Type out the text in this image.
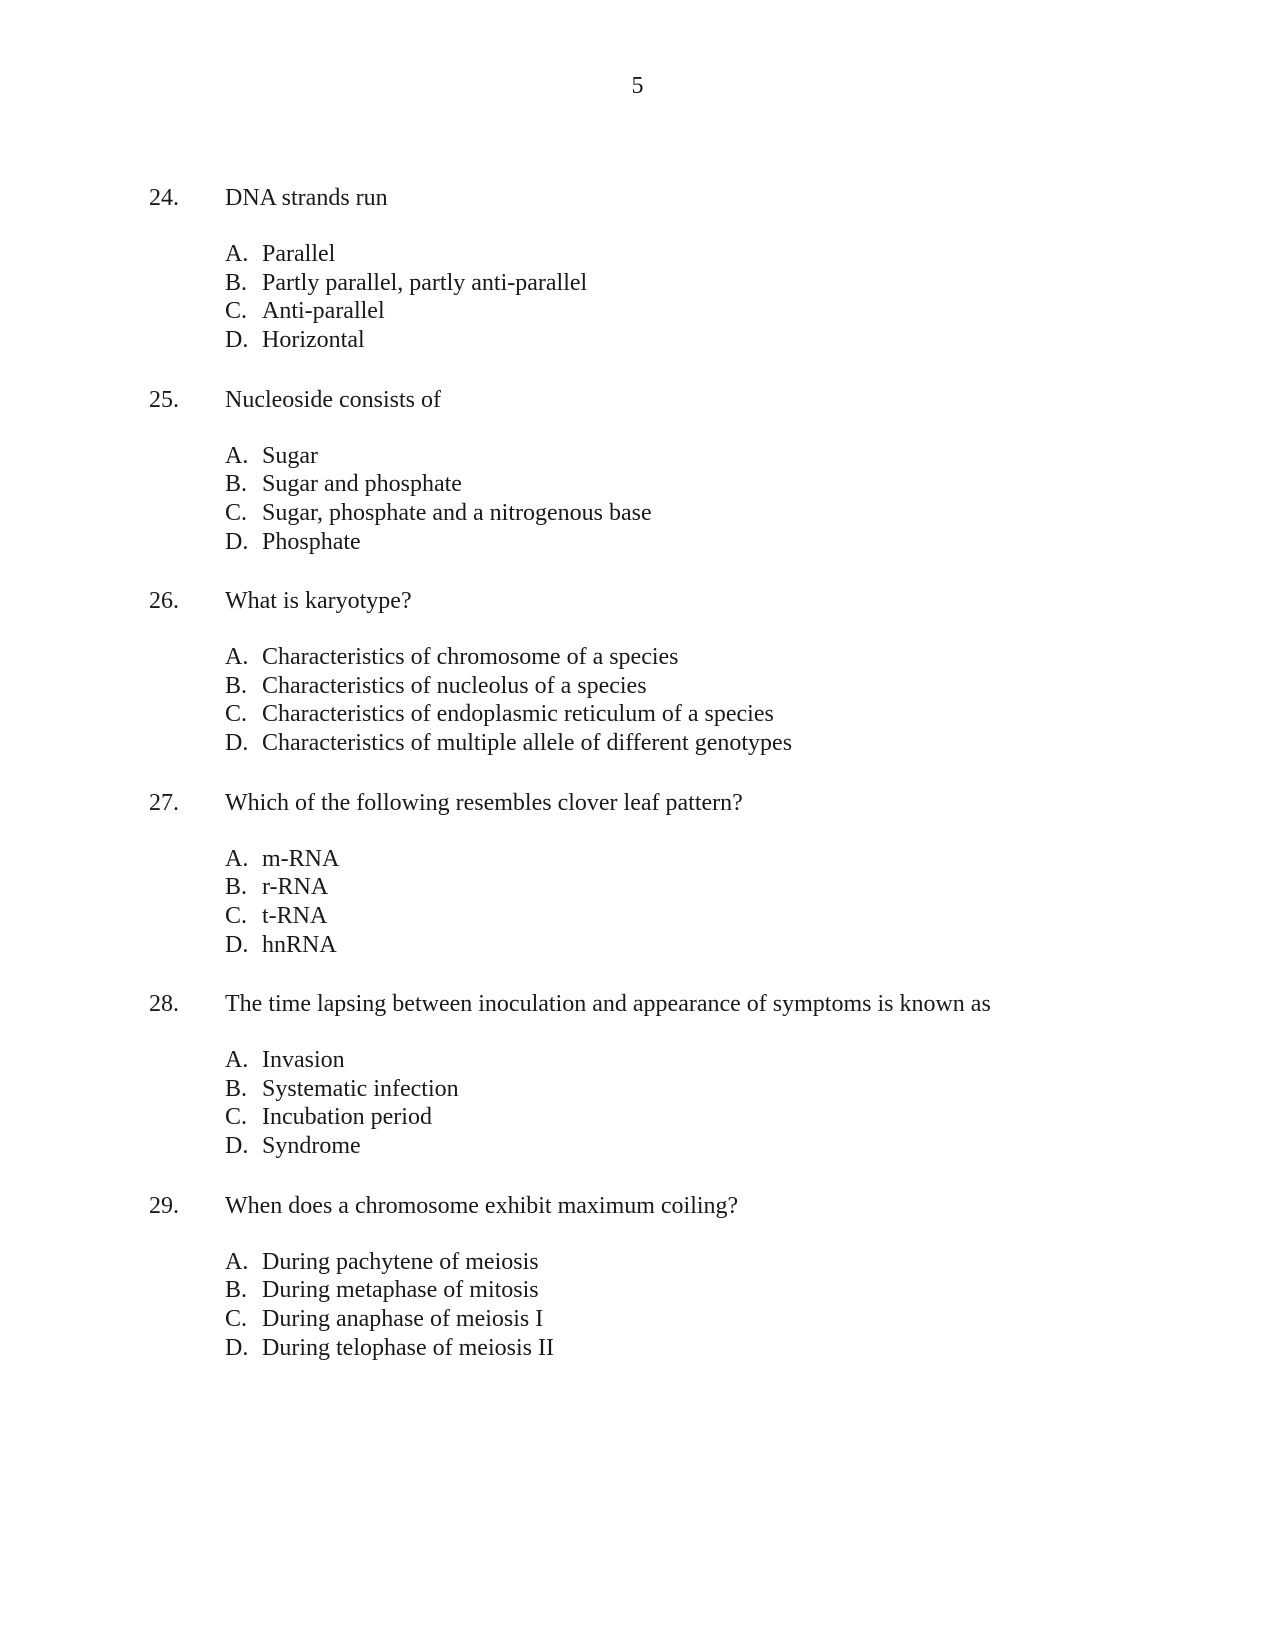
5
24. DNA strands run
A. Parallel
B. Partly parallel, partly anti-parallel
C. Anti-parallel
D. Horizontal
25. Nucleoside consists of
A. Sugar
B. Sugar and phosphate
C. Sugar, phosphate and a nitrogenous base
D. Phosphate
26. What is karyotype?
A. Characteristics of chromosome of a species
B. Characteristics of nucleolus of a species
C. Characteristics of endoplasmic reticulum of a species
D. Characteristics of multiple allele of different genotypes
27. Which of the following resembles clover leaf pattern?
A. m-RNA
B. r-RNA
C. t-RNA
D. hnRNA
28. The time lapsing between inoculation and appearance of symptoms is known as
A. Invasion
B. Systematic infection
C. Incubation period
D. Syndrome
29. When does a chromosome exhibit maximum coiling?
A. During pachytene of meiosis
B. During metaphase of mitosis
C. During anaphase of meiosis I
D. During telophase of meiosis II
